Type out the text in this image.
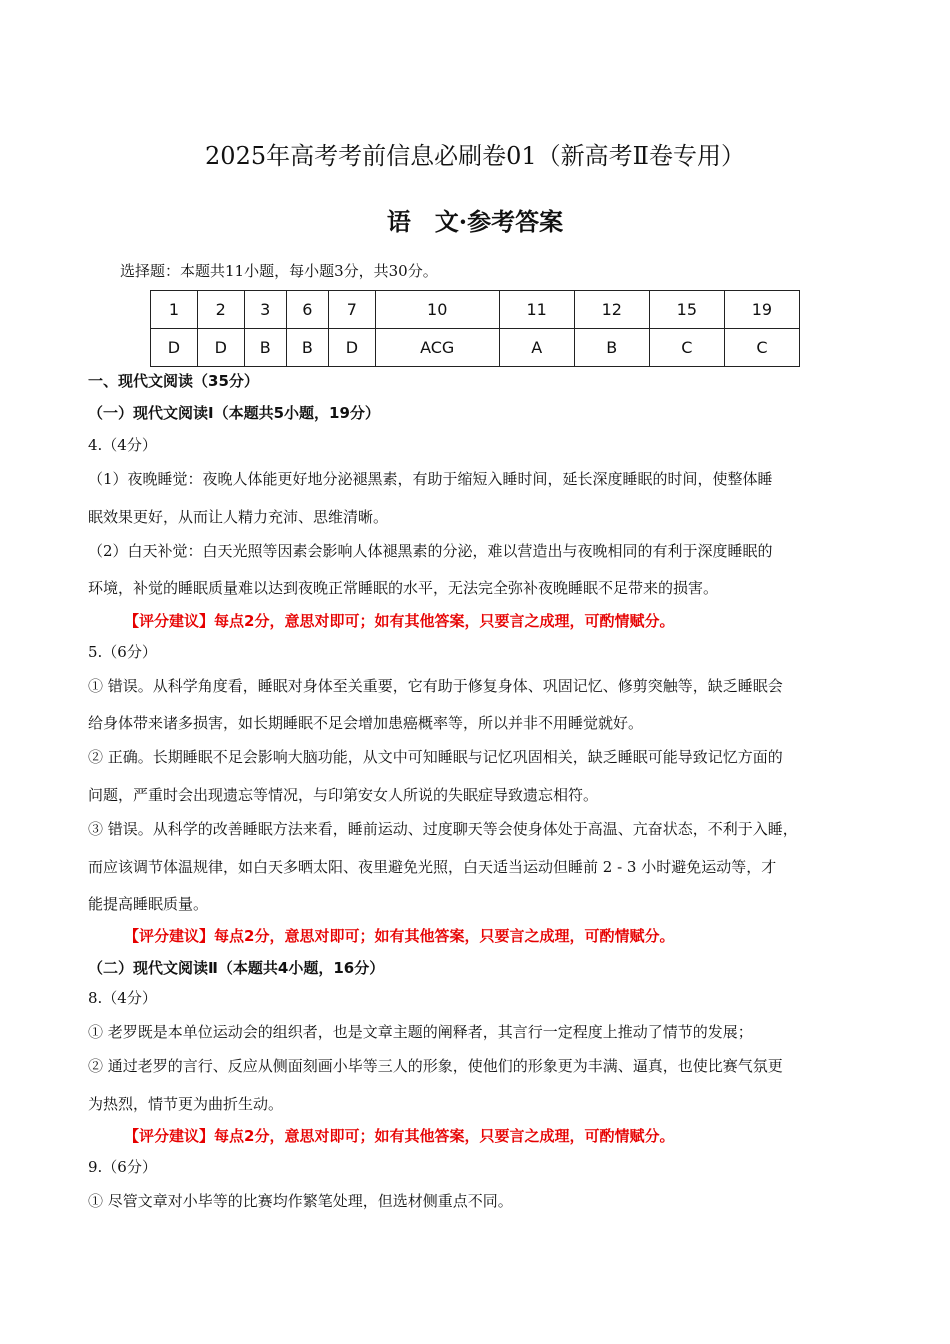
2025年高考考前信息必刷卷01（新高考Ⅱ卷专用）
语　文·参考答案
选择题：本题共11小题，每小题3分，共30分。
1	2	3	6	7	10	11	12	15	19
D	D	B	B	D	ACG	A	B	C	C
一、现代文阅读（35分）
（一）现代文阅读Ⅰ（本题共5小题，19分）
4.（4分）
（1）夜晚睡觉：夜晚人体能更好地分泌褪黑素，有助于缩短入睡时间，延长深度睡眠的时间，使整体睡
眠效果更好，从而让人精力充沛、思维清晰。
（2）白天补觉：白天光照等因素会影响人体褪黑素的分泌，难以营造出与夜晚相同的有利于深度睡眠的
环境，补觉的睡眠质量难以达到夜晚正常睡眠的水平，无法完全弥补夜晚睡眠不足带来的损害。
【评分建议】每点2分，意思对即可；如有其他答案，只要言之成理，可酌情赋分。
5.（6分）
① 错误。从科学角度看，睡眠对身体至关重要，它有助于修复身体、巩固记忆、修剪突触等，缺乏睡眠会
给身体带来诸多损害，如长期睡眠不足会增加患癌概率等，所以并非不用睡觉就好。
② 正确。长期睡眠不足会影响大脑功能，从文中可知睡眠与记忆巩固相关，缺乏睡眠可能导致记忆方面的
问题，严重时会出现遗忘等情况，与印第安女人所说的失眠症导致遗忘相符。
③ 错误。从科学的改善睡眠方法来看，睡前运动、过度聊天等会使身体处于高温、亢奋状态，不利于入睡，
而应该调节体温规律，如白天多晒太阳、夜里避免光照，白天适当运动但睡前 2 - 3 小时避免运动等，才
能提高睡眠质量。
【评分建议】每点2分，意思对即可；如有其他答案，只要言之成理，可酌情赋分。
（二）现代文阅读Ⅱ（本题共4小题，16分）
8.（4分）
① 老罗既是本单位运动会的组织者，也是文章主题的阐释者，其言行一定程度上推动了情节的发展；
② 通过老罗的言行、反应从侧面刻画小毕等三人的形象，使他们的形象更为丰满、逼真，也使比赛气氛更
为热烈，情节更为曲折生动。
【评分建议】每点2分，意思对即可；如有其他答案，只要言之成理，可酌情赋分。
9.（6分）
① 尽管文章对小毕等的比赛均作繁笔处理，但选材侧重点不同。
